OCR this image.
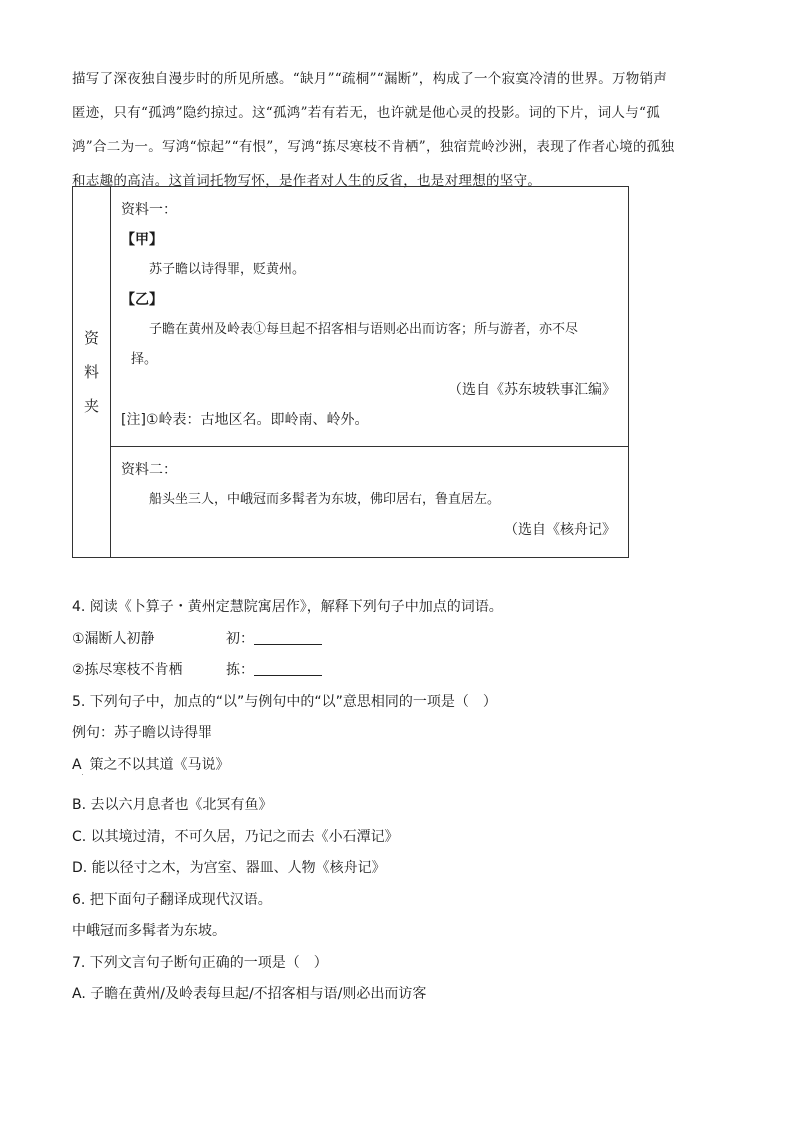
描写了深夜独自漫步时的所见所感。“缺月”“疏桐”“漏断”，构成了一个寂寞冷清的世界。万物销声

匿迹，只有“孤鸿”隐约掠过。这“孤鸿”若有若无，也许就是他心灵的投影。词的下片，词人与“孤

鸿”合二为一。写鸿“惊起”“有恨”，写鸿“拣尽寒枝不肯栖”，独宿荒岭沙洲，表现了作者心境的孤独

和志趣的高洁。这首词托物写怀，是作者对人生的反省，也是对理想的坚守。

资
料
夹

资料一：

【甲】

苏子瞻以诗得罪，贬黄州。

【乙】

子瞻在黄州及岭表①每旦起不招客相与语则必出而访客；所与游者，亦不尽

择。

（选自《苏东坡轶事汇编》

[注]①岭表：古地区名。即岭南、岭外。

资料二：

船头坐三人，中峨冠而多髯者为东坡，佛印居右，鲁直居左。

（选自《核舟记》

4. 阅读《卜算子・黄州定慧院寓居作》，解释下列句子中加点的词语。

①漏断人初静	初：

②拣尽寒枝不肯栖	拣：

5. 下列句子中，加点的“以”与例句中的“以”意思相同的一项是（　）

例句：苏子瞻以诗得罪

$A_.$策之不以其道《马说》

B. 去以六月息者也《北冥有鱼》

C. 以其境过清，不可久居，乃记之而去《小石潭记》

D. 能以径寸之木，为宫室、器皿、人物《核舟记》

6. 把下面句子翻译成现代汉语。

中峨冠而多髯者为东坡。

7. 下列文言句子断句正确的一项是（　）

A. 子瞻在黄州/及岭表每旦起/不招客相与语/则必出而访客
